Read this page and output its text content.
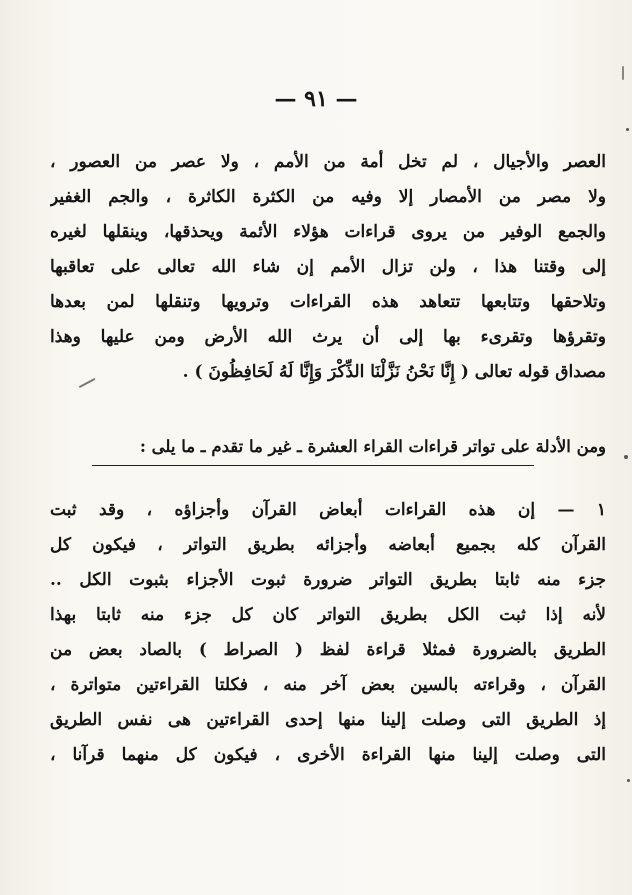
— ٩١ —
العصر والأجيال ، لم تخل أمة من الأمم ، ولا عصر من العصور ،
ولا مصر من الأمصار إلا وفيه من الكثرة الكاثرة ، والجم الغفير
والجمع الوفير من يروى قراءات هؤلاء الأئمة ويحذقها، وينقلها لغيره
إلى وقتنا هذا ، ولن تزال الأمم إن شاء الله تعالى على تعاقبها
وتلاحقها وتتابعها تتعاهد هذه القراءات وترويها وتنقلها لمن بعدها
وتقرؤها وتقرىء بها إلى أن يرث الله الأرض ومن عليها وهذا
مصداق قوله تعالى ( إِنَّا نَحْنُ نَزَّلْنَا الذِّكْرَ وَإِنَّا لَهُ لَحَافِظُونَ ) .
ومن الأدلة على تواتر قراءات القراء العشرة ـ غير ما تقدم ـ ما يلى :
١ — إن هذه القراءات أبعاض القرآن وأجزاؤه ، وقد ثبت
القرآن كله بجميع أبعاضه وأجزائه بطريق التواتر ، فيكون كل
جزء منه ثابتا بطريق التواتر ضرورة ثبوت الأجزاء بثبوت الكل ..
لأنه إذا ثبت الكل بطريق التواتر كان كل جزء منه ثابتا بهذا
الطريق بالضرورة فمثلا قراءة لفظ ( الصراط ) بالصاد بعض من
القرآن ، وقراءته بالسين بعض آخر منه ، فكلتا القراءتين متواترة ،
إذ الطريق التى وصلت إلينا منها إحدى القراءتين هى نفس الطريق
التى وصلت إلينا منها القراءة الأخرى ، فيكون كل منهما قرآنا ،
